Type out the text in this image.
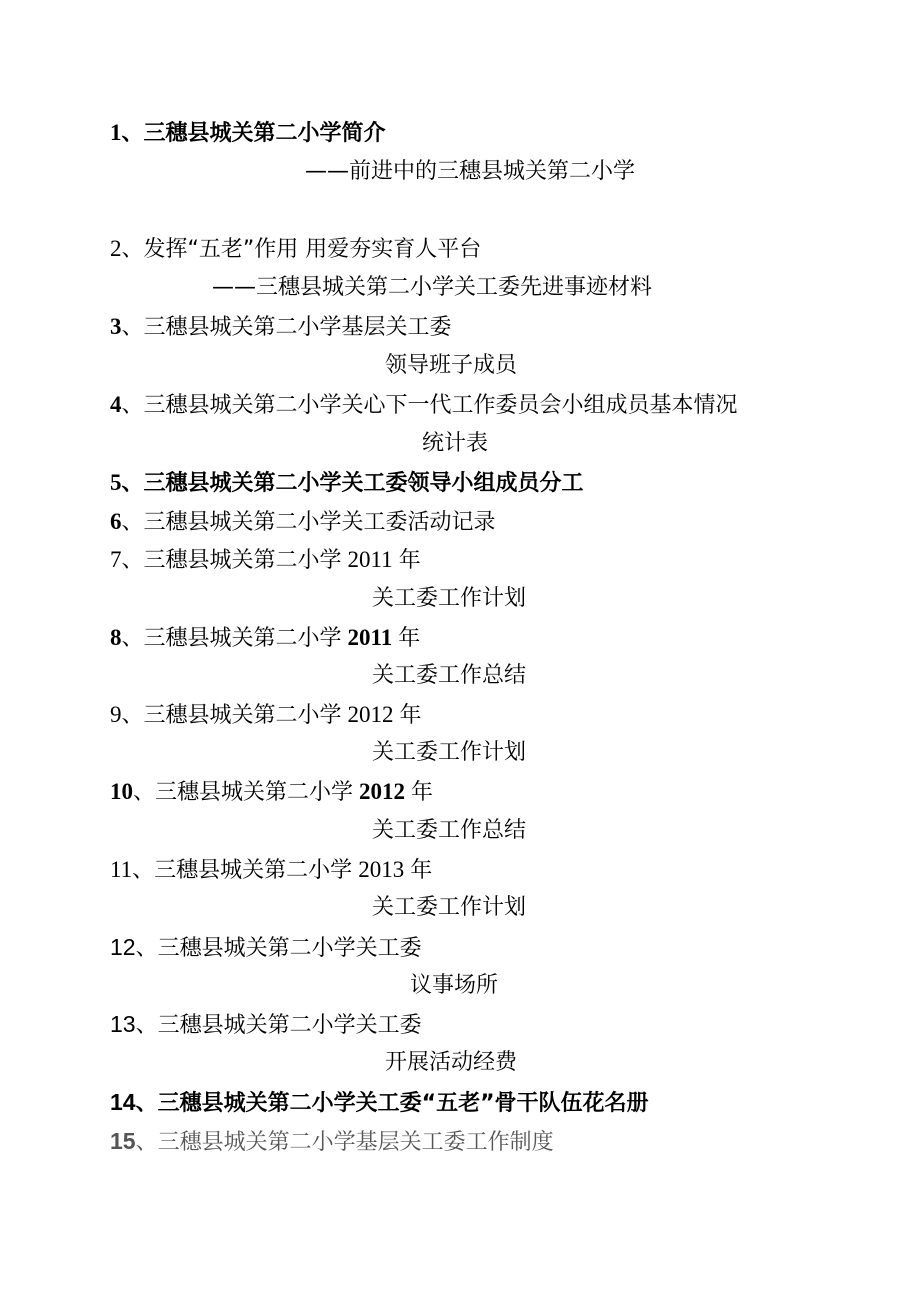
1、三穗县城关第二小学简介
——前进中的三穗县城关第二小学
2、发挥“五老”作用 用爱夯实育人平台
——三穗县城关第二小学关工委先进事迹材料
3、三穗县城关第二小学基层关工委
领导班子成员
4、三穗县城关第二小学关心下一代工作委员会小组成员基本情况
统计表
5、三穗县城关第二小学关工委领导小组成员分工
6、三穗县城关第二小学关工委活动记录
7、三穗县城关第二小学 2011 年
关工委工作计划
8、三穗县城关第二小学 2011 年
关工委工作总结
9、三穗县城关第二小学 2012 年
关工委工作计划
10、三穗县城关第二小学 2012 年
关工委工作总结
11、三穗县城关第二小学 2013 年
关工委工作计划
12、三穗县城关第二小学关工委
议事场所
13、三穗县城关第二小学关工委
开展活动经费
14、三穗县城关第二小学关工委“五老”骨干队伍花名册
15、三穗县城关第二小学基层关工委工作制度
